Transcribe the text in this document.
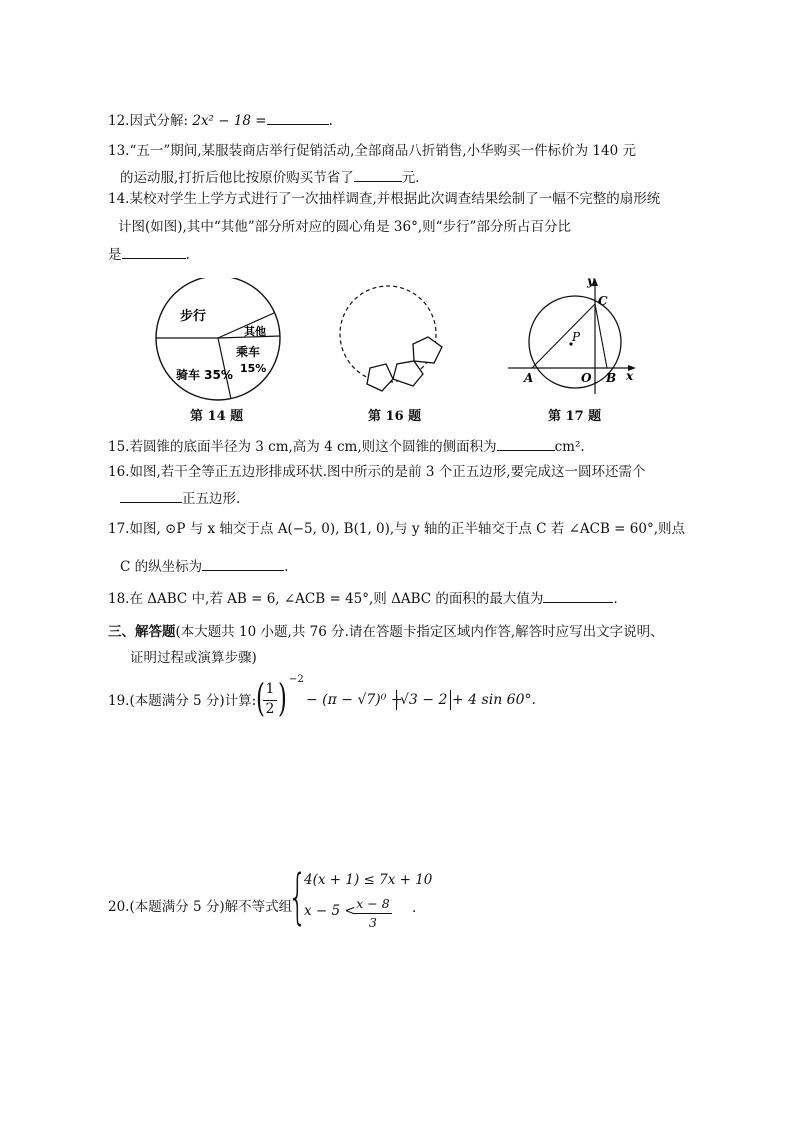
12.因式分解: 2x² − 18 =	.
13.“五一”期间,某服装商店举行促销活动,全部商品八折销售,小华购买一件标价为 140 元
的运动服,打折后他比按原价购买节省了	元.
14.某校对学生上学方式进行了一次抽样调查,并根据此次调查结果绘制了一幅不完整的扇形统
计图(如图),其中“其他”部分所对应的圆心角是 36°,则“步行”部分所占百分比
是	.
步行
其他
乘车
15%
骑车 35%
第 14 题	第 16 题
y
x
C
P
A	O B
第 17 题
15.若圆锥的底面半径为 3 cm,高为 4 cm,则这个圆锥的侧面积为	cm².
16.如图,若干全等正五边形排成环状.图中所示的是前 3 个正五边形,要完成这一圆环还需个
正五边形.
17.如图, ⊙P 与 x 轴交于点 A(−5, 0), B(1, 0),与 y 轴的正半轴交于点 C 若 ∠ACB = 60°,则点
C 的纵坐标为	.
18.在 ΔABC 中,若 AB = 6, ∠ACB = 45°,则 ΔABC 的面积的最大值为	.
三、解答题(本大题共 10 小题,共 76 分.请在答题卡指定区域内作答,解答时应写出文字说明、
证明过程或演算步骤)
19.(本题满分 5 分)计算: ( 1
2 ) −2
− (π − √7)⁰ +
√3 − 2 + 4 sin 60°.
20.(本题满分 5 分)解不等式组
{
4(x + 1) ≤ 7x + 10
x − 5 < x − 8
3
.
